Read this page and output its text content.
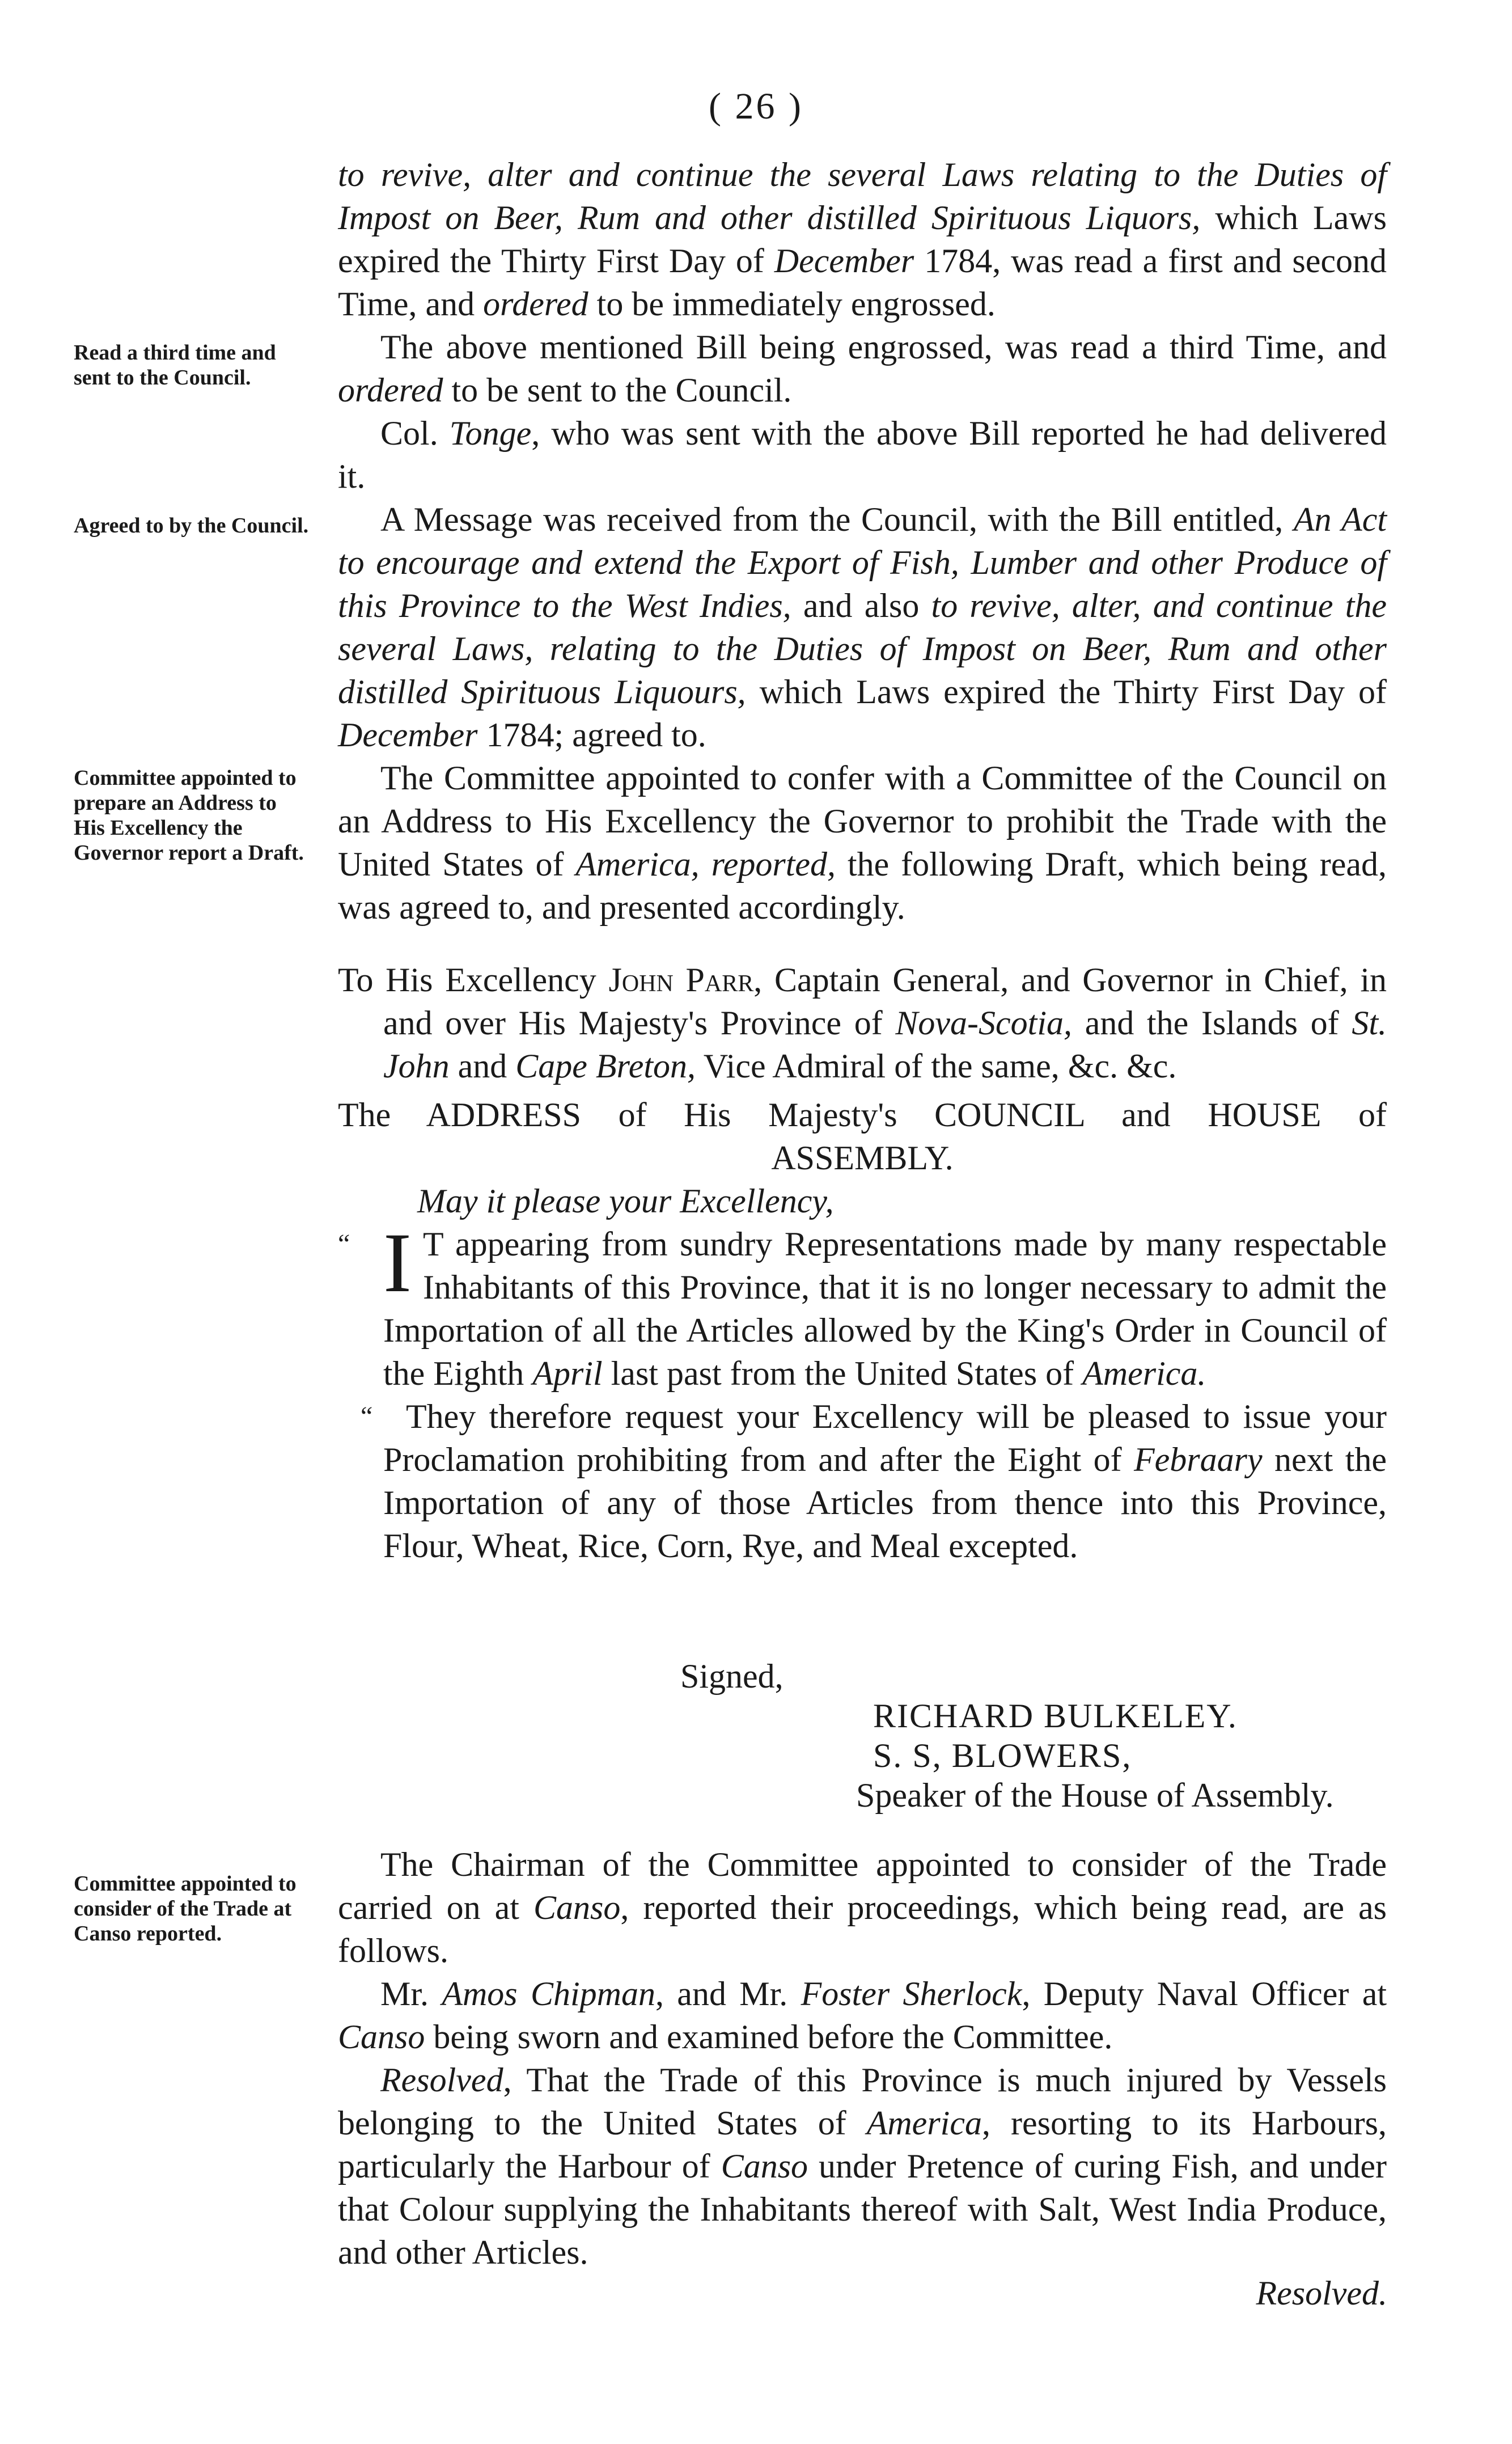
( 26 )
Read a third time and sent to the Council.
Agreed to by the Council.
Committee appointed to prepare an Address to His Excellency the Governor report a Draft.
Committee appointed to consider of the Trade at Canso reported.

to revive, alter and continue the several Laws relating to the Duties of Impost on Beer, Rum and other distilled Spirituous Liquors, which Laws expired the Thirty First Day of December 1784, was read a first and second Time, and ordered to be immediately engrossed.

The above mentioned Bill being engrossed, was read a third Time, and ordered to be sent to the Council.

Col. Tonge, who was sent with the above Bill reported he had delivered it.

A Message was received from the Council, with the Bill entitled, An Act to encourage and extend the Export of Fish, Lumber and other Produce of this Province to the West Indies, and also to revive, alter, and continue the several Laws, relating to the Duties of Impost on Beer, Rum and other distilled Spirituous Liquours, which Laws expired the Thirty First Day of December 1784; agreed to.

The Committee appointed to confer with a Committee of the Council on an Address to His Excellency the Governor to prohibit the Trade with the United States of America, reported, the following Draft, which being read, was agreed to, and presented accordingly.

To His Excellency John Parr, Captain General, and Governor in Chief, in and over His Majesty's Province of Nova-Scotia, and the Islands of St. John and Cape Breton, Vice Admiral of the same, &c. &c.

The ADDRESS of His Majesty's COUNCIL and HOUSE of
ASSEMBLY.

May it please your Excellency,

“ I T appearing from sundry Representations made by many respectable Inhabitants of this Province, that it is no longer necessary to admit the Importation of all the Articles allowed by the King's Order in Council of the Eighth April last past from the United States of America.

“ They therefore request your Excellency will be pleased to issue your Proclamation prohibiting from and after the Eight of Febraary next the Importation of any of those Articles from thence into this Province, Flour, Wheat, Rice, Corn, Rye, and Meal excepted.

Signed,
RICHARD BULKELEY.
S. S, BLOWERS,
Speaker of the House of Assembly.

The Chairman of the Committee appointed to consider of the Trade carried on at Canso, reported their proceedings, which being read, are as follows.

Mr. Amos Chipman, and Mr. Foster Sherlock, Deputy Naval Officer at Canso being sworn and examined before the Committee.

Resolved, That the Trade of this Province is much injured by Vessels belonging to the United States of America, resorting to its Harbours, particularly the Harbour of Canso under Pretence of curing Fish, and under that Colour supplying the Inhabitants thereof with Salt, West India Produce, and other Articles.

Resolved.
